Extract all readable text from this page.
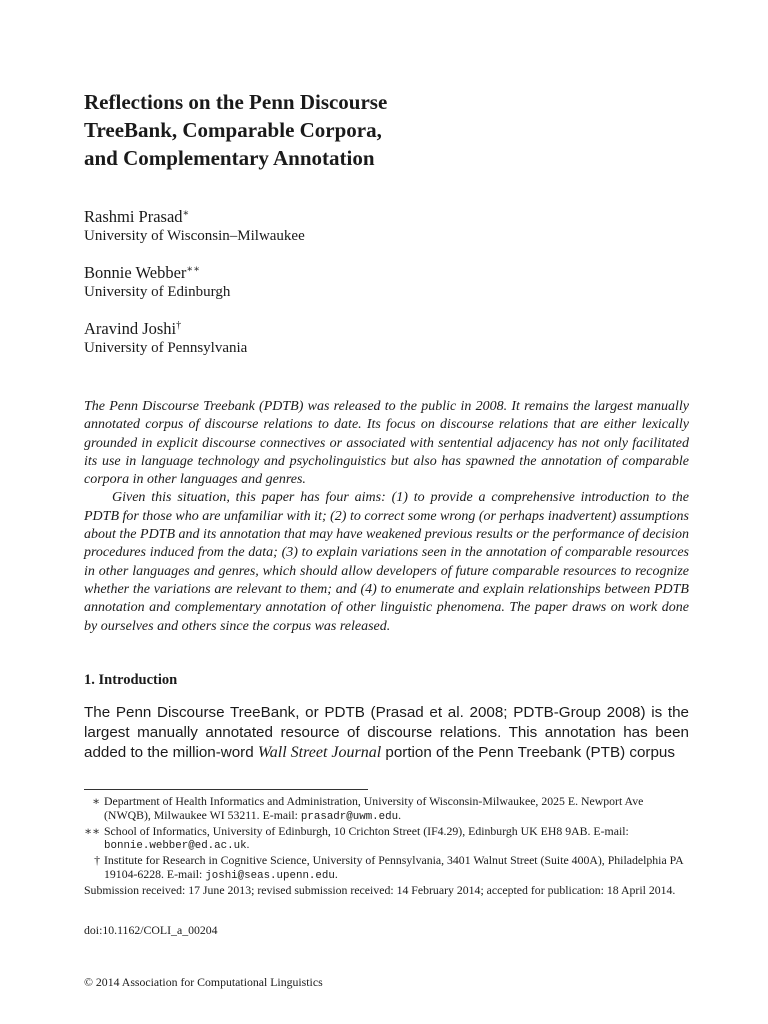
Reflections on the Penn Discourse
TreeBank, Comparable Corpora,
and Complementary Annotation
Rashmi Prasad∗
University of Wisconsin–Milwaukee
Bonnie Webber∗∗
University of Edinburgh
Aravind Joshi†
University of Pennsylvania

The Penn Discourse Treebank (PDTB) was released to the public in 2008. It remains the largest manually annotated corpus of discourse relations to date. Its focus on discourse relations that are either lexically grounded in explicit discourse connectives or associated with sentential adjacency has not only facilitated its use in language technology and psycholinguistics but also has spawned the annotation of comparable corpora in other languages and genres.

Given this situation, this paper has four aims: (1) to provide a comprehensive introduction to the PDTB for those who are unfamiliar with it; (2) to correct some wrong (or perhaps inadvertent) assumptions about the PDTB and its annotation that may have weakened previous results or the performance of decision procedures induced from the data; (3) to explain variations seen in the annotation of comparable resources in other languages and genres, which should allow developers of future comparable resources to recognize whether the variations are relevant to them; and (4) to enumerate and explain relationships between PDTB annotation and complementary annotation of other linguistic phenomena. The paper draws on work done by ourselves and others since the corpus was released.

1. Introduction

The Penn Discourse TreeBank, or PDTB (Prasad et al. 2008; PDTB-Group 2008) is the largest manually annotated resource of discourse relations. This annotation has been added to the million-word Wall Street Journal portion of the Penn Treebank (PTB) corpus

∗ Department of Health Informatics and Administration, University of Wisconsin-Milwaukee, 2025 E. Newport Ave (NWQB), Milwaukee WI 53211. E-mail: prasadr@uwm.edu.
∗∗ School of Informatics, University of Edinburgh, 10 Crichton Street (IF4.29), Edinburgh UK EH8 9AB. E-mail: bonnie.webber@ed.ac.uk.
† Institute for Research in Cognitive Science, University of Pennsylvania, 3401 Walnut Street (Suite 400A), Philadelphia PA 19104-6228. E-mail: joshi@seas.upenn.edu.
Submission received: 17 June 2013; revised submission received: 14 February 2014; accepted for publication: 18 April 2014.
doi:10.1162/COLI_a_00204
© 2014 Association for Computational Linguistics
